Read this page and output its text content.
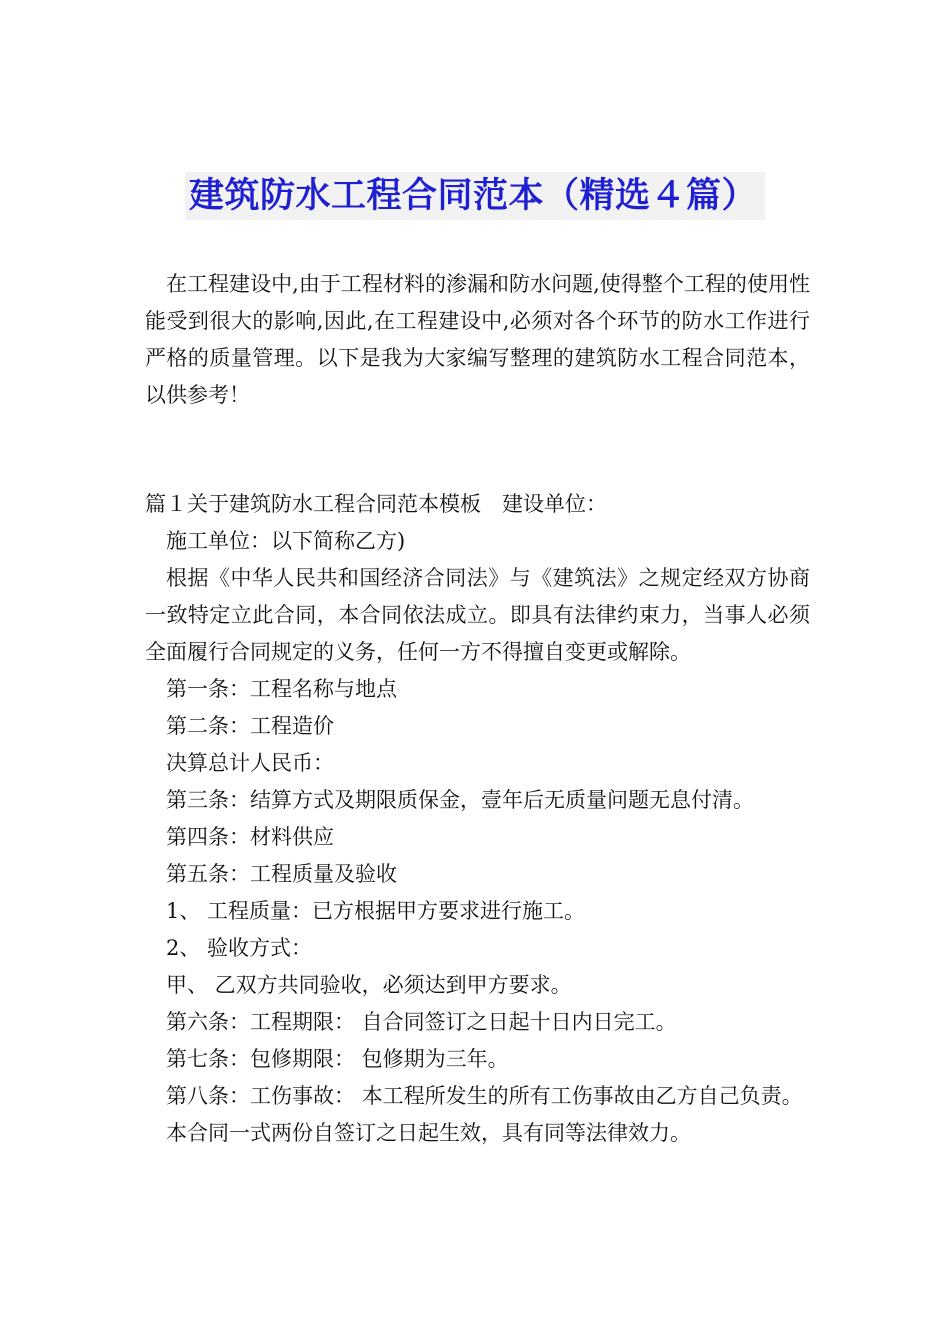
建筑防水工程合同范本（精选４篇）

在工程建设中,由于工程材料的渗漏和防水问题,使得整个工程的使用性能受到很大的影响,因此,在工程建设中,必须对各个环节的防水工作进行严格的质量管理。以下是我为大家编写整理的建筑防水工程合同范本，以供参考！

篇１关于建筑防水工程合同范本模板　建设单位：

施工单位：以下简称乙方)

根据《中华人民共和国经济合同法》与《建筑法》之规定经双方协商一致特定立此合同，本合同依法成立。即具有法律约束力，当事人必须全面履行合同规定的义务，任何一方不得擅自变更或解除。

第一条：工程名称与地点

第二条：工程造价

决算总计人民币：

第三条：结算方式及期限质保金，壹年后无质量问题无息付清。

第四条：材料供应

第五条：工程质量及验收

1、 工程质量：已方根据甲方要求进行施工。

2、 验收方式：

甲、 乙双方共同验收，必须达到甲方要求。

第六条：工程期限： 自合同签订之日起十日内日完工。

第七条：包修期限： 包修期为三年。

第八条：工伤事故： 本工程所发生的所有工伤事故由乙方自己负责。

本合同一式两份自签订之日起生效，具有同等法律效力。
